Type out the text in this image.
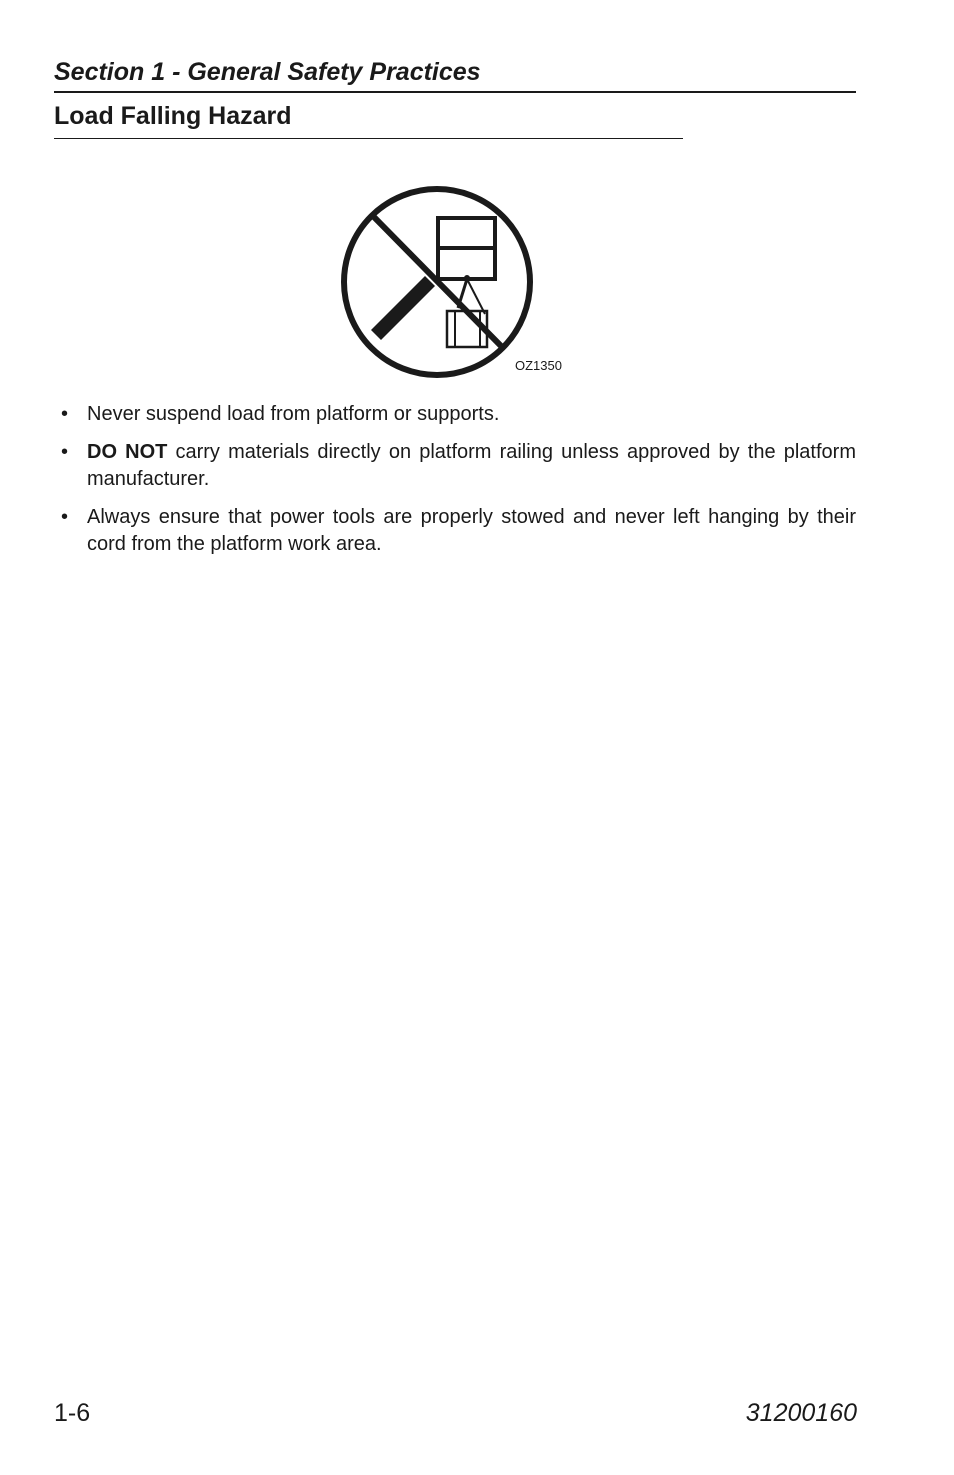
Section 1 - General Safety Practices
Load Falling Hazard
OZ1350
• Never suspend load from platform or supports.
• DO NOT carry materials directly on platform railing unless approved by the platform manufacturer.
• Always ensure that power tools are properly stowed and never left hanging by their cord from the platform work area.
1-6	31200160
